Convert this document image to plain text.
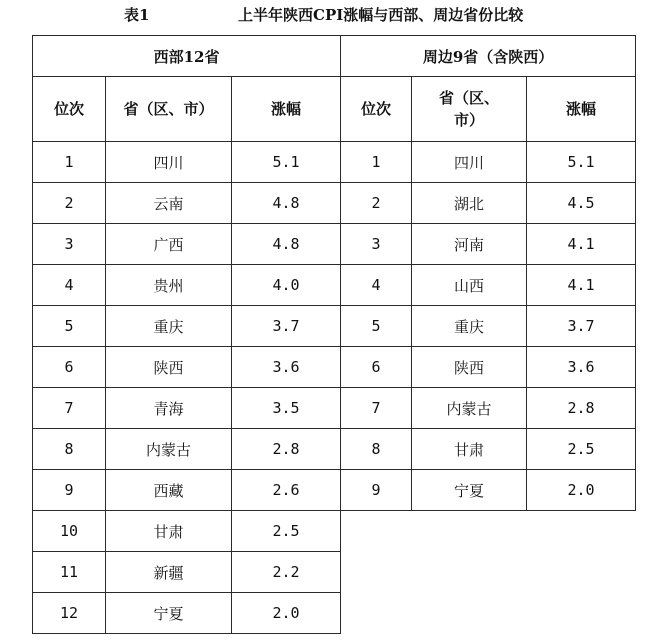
表1	上半年陕西CPI涨幅与西部、周边省份比较
西部12省			周边9省（含陕西）		
位次	省（区、市）	涨幅	位次	省（区、市）	涨幅
1	四川	5.1	1	四川	5.1
2	云南	4.8	2	湖北	4.5
3	广西	4.8	3	河南	4.1
4	贵州	4.0	4	山西	4.1
5	重庆	3.7	5	重庆	3.7
6	陕西	3.6	6	陕西	3.6
7	青海	3.5	7	内蒙古	2.8
8	内蒙古	2.8	8	甘肃	2.5
9	西藏	2.6	9	宁夏	2.0
10	甘肃	2.5			
11	新疆	2.2			
12	宁夏	2.0			
